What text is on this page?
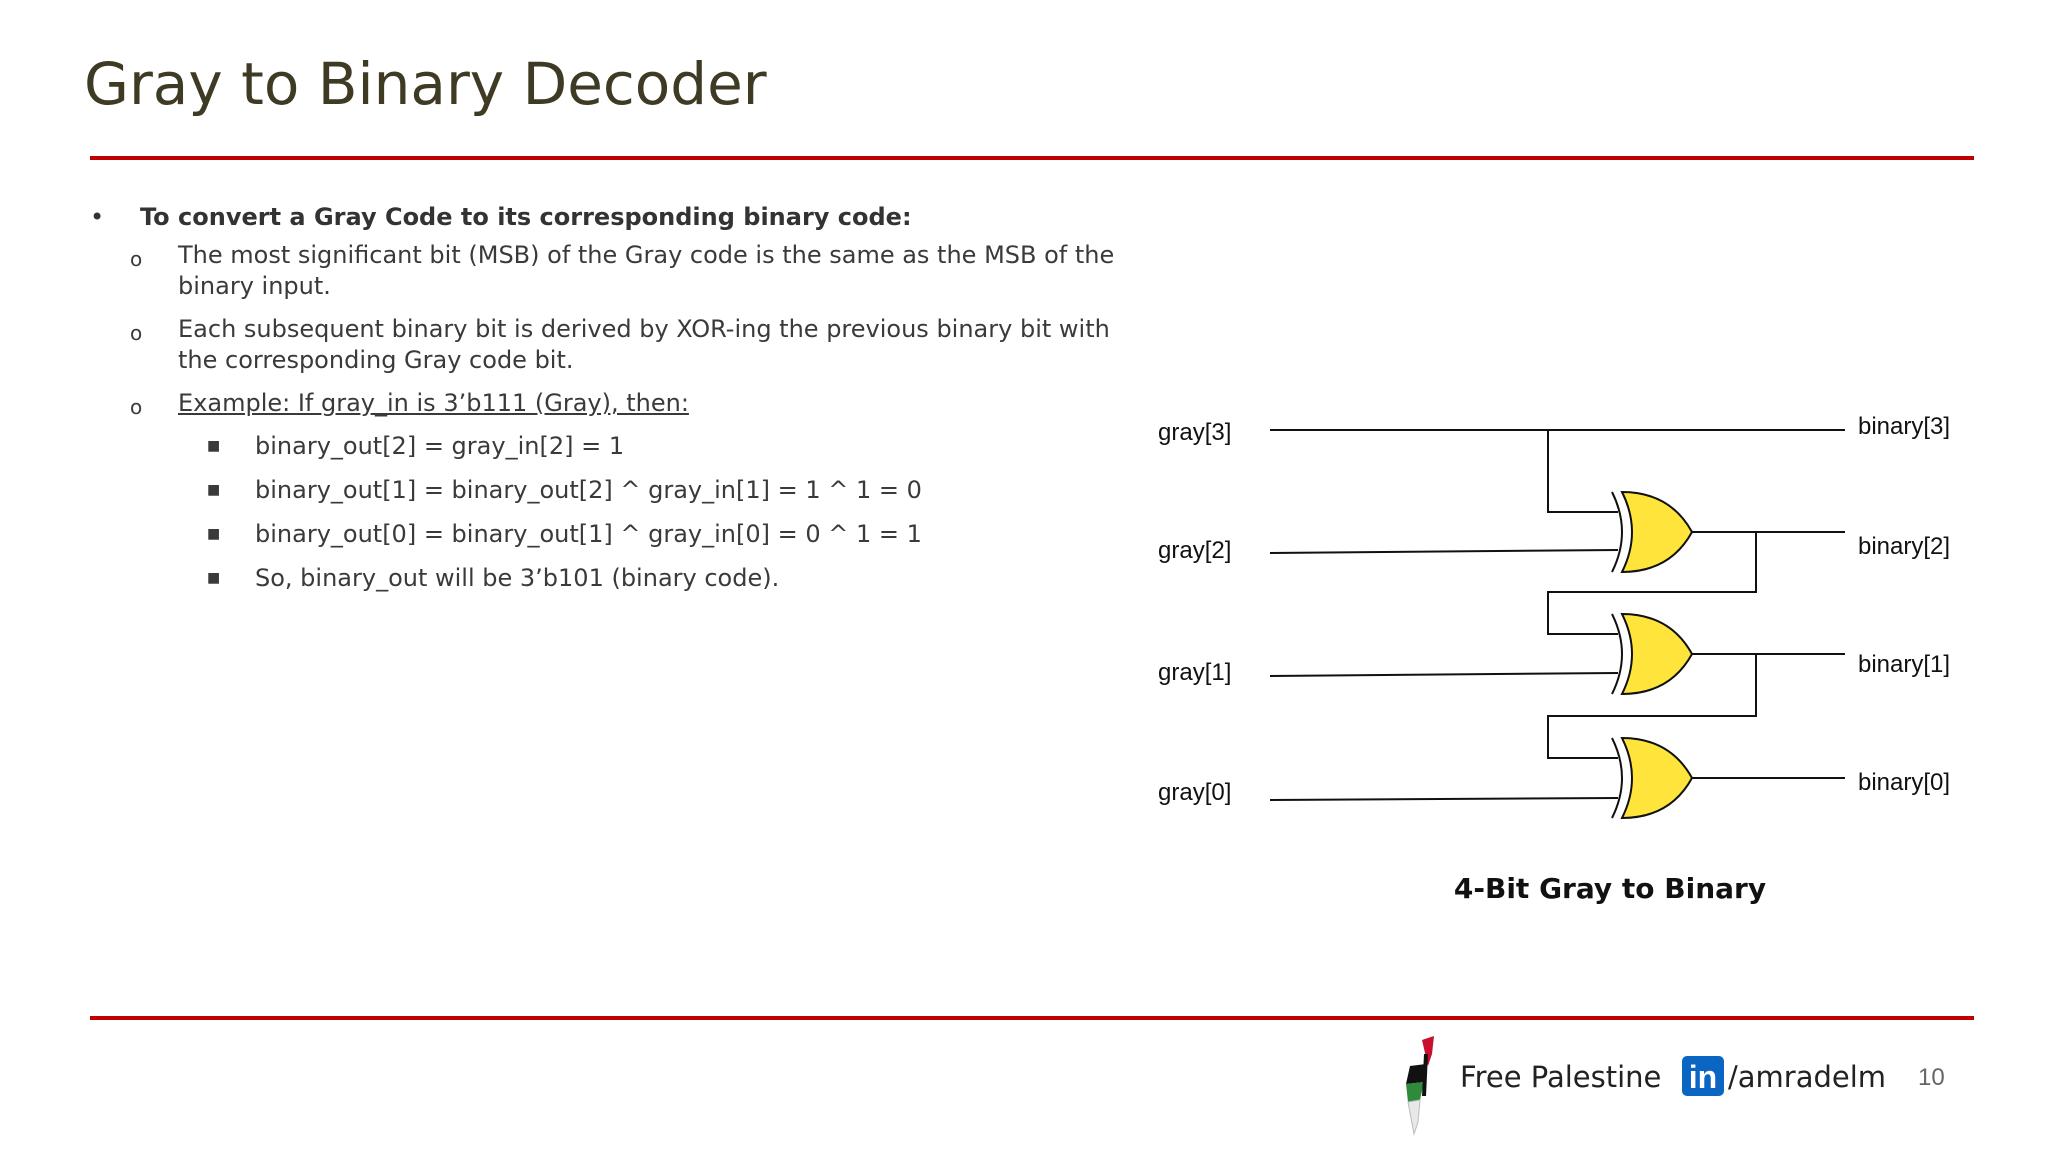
Gray to Binary Decoder
• To convert a Gray Code to its corresponding binary code:
o The most significant bit (MSB) of the Gray code is the same as the MSB of the binary input.
o Each subsequent binary bit is derived by XOR-ing the previous binary bit with the corresponding Gray code bit.
o Example: If gray_in is 3’b111 (Gray), then:
■ binary_out[2] = gray_in[2] = 1
■ binary_out[1] = binary_out[2] ^ gray_in[1] = 1 ^ 1 = 0
■ binary_out[0] = binary_out[1] ^ gray_in[0] = 0 ^ 1 = 1
■ So, binary_out will be 3’b101 (binary code).
gray[3]
gray[2]
gray[1]
gray[0]
binary[3]
binary[2]
binary[1]
binary[0]
4-Bit Gray to Binary
Free Palestine in /amradelm 10
